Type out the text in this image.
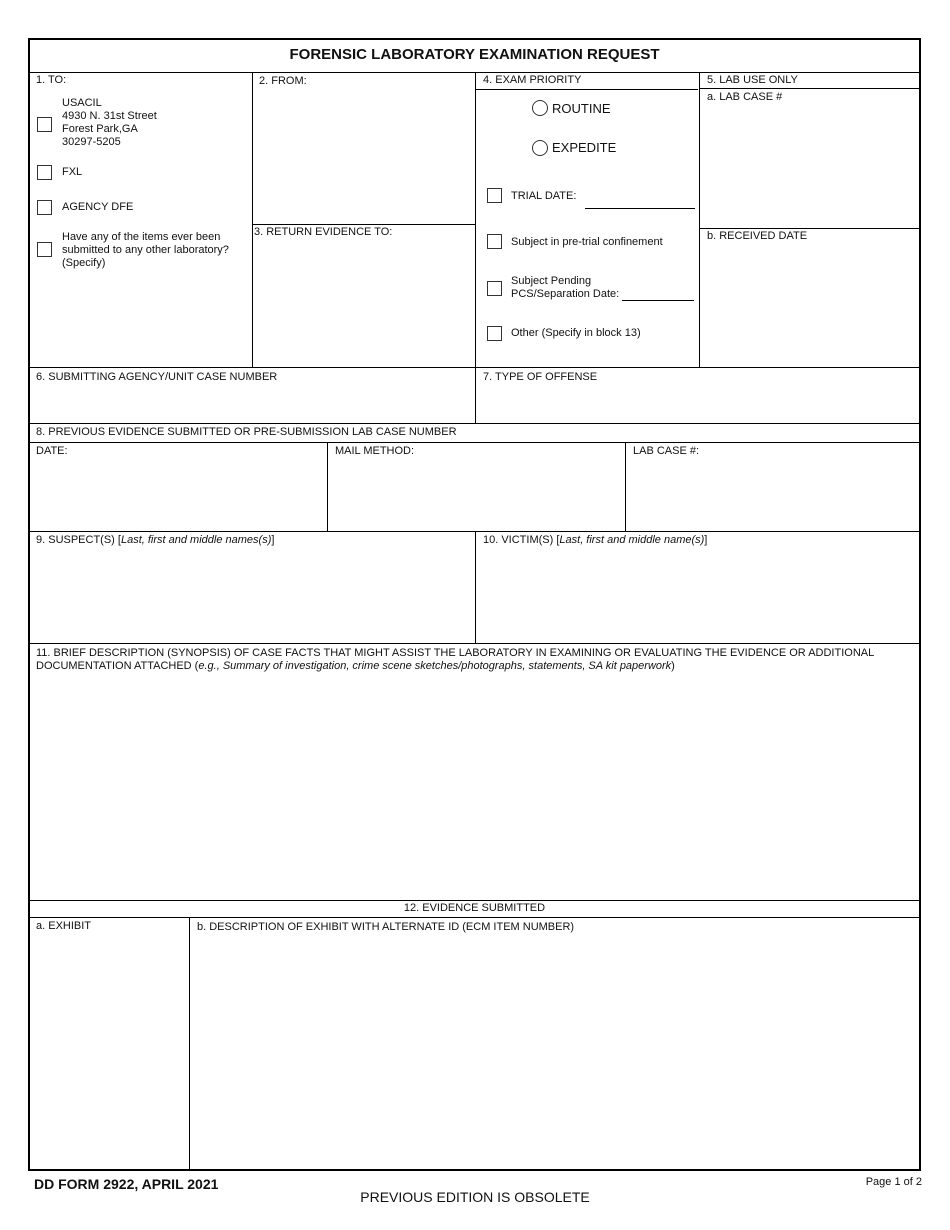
FORENSIC LABORATORY EXAMINATION REQUEST
1. TO:
USACIL
4930 N. 31st Street
Forest Park,GA
30297-5205
FXL
AGENCY DFE
Have any of the items ever been
submitted to any other laboratory?
(Specify)
2. FROM:
3. RETURN EVIDENCE TO:
4. EXAM PRIORITY
ROUTINE
EXPEDITE
TRIAL DATE:
Subject in pre-trial confinement
Subject Pending
PCS/Separation Date:
Other (Specify in block 13)
5. LAB USE ONLY
a. LAB CASE #
b. RECEIVED DATE
6. SUBMITTING AGENCY/UNIT CASE NUMBER	7. TYPE OF OFFENSE
8. PREVIOUS EVIDENCE SUBMITTED OR PRE-SUBMISSION LAB CASE NUMBER
DATE:	MAIL METHOD:	LAB CASE #:
9. SUSPECT(S) [Last, first and middle names(s)]	10. VICTIM(S) [Last, first and middle name(s)]
11. BRIEF DESCRIPTION (SYNOPSIS) OF CASE FACTS THAT MIGHT ASSIST THE LABORATORY IN EXAMINING OR EVALUATING THE EVIDENCE OR ADDITIONAL
DOCUMENTATION ATTACHED (e.g., Summary of investigation, crime scene sketches/photographs, statements, SA kit paperwork)
12. EVIDENCE SUBMITTED
a. EXHIBIT	b. DESCRIPTION OF EXHIBIT WITH ALTERNATE ID (ECM ITEM NUMBER)
DD FORM 2922, APRIL 2021
PREVIOUS EDITION IS OBSOLETE
Page 1 of 2
